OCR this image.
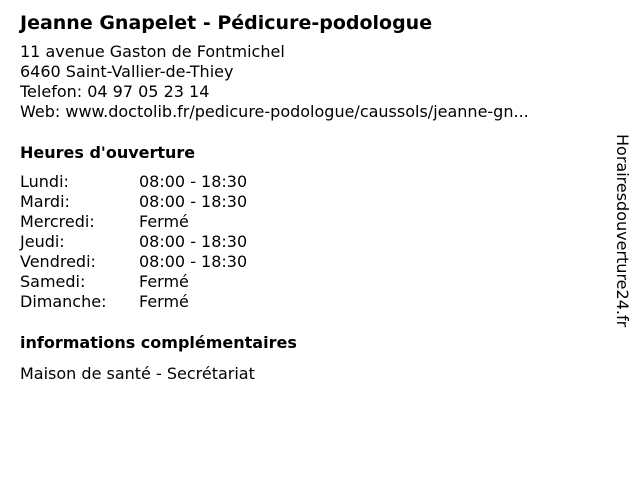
Jeanne Gnapelet - Pédicure-podologue
11 avenue Gaston de Fontmichel
6460 Saint-Vallier-de-Thiey
Telefon: 04 97 05 23 14
Web: www.doctolib.fr/pedicure-podologue/caussols/jeanne-gn...
Heures d'ouverture
Lundi:	08:00 - 18:30
Mardi:	08:00 - 18:30
Mercredi:	Fermé
Jeudi:	08:00 - 18:30
Vendredi:	08:00 - 18:30
Samedi:	Fermé
Dimanche:	Fermé
informations complémentaires
Maison de santé - Secrétariat
Horairesdouverture24.fr
